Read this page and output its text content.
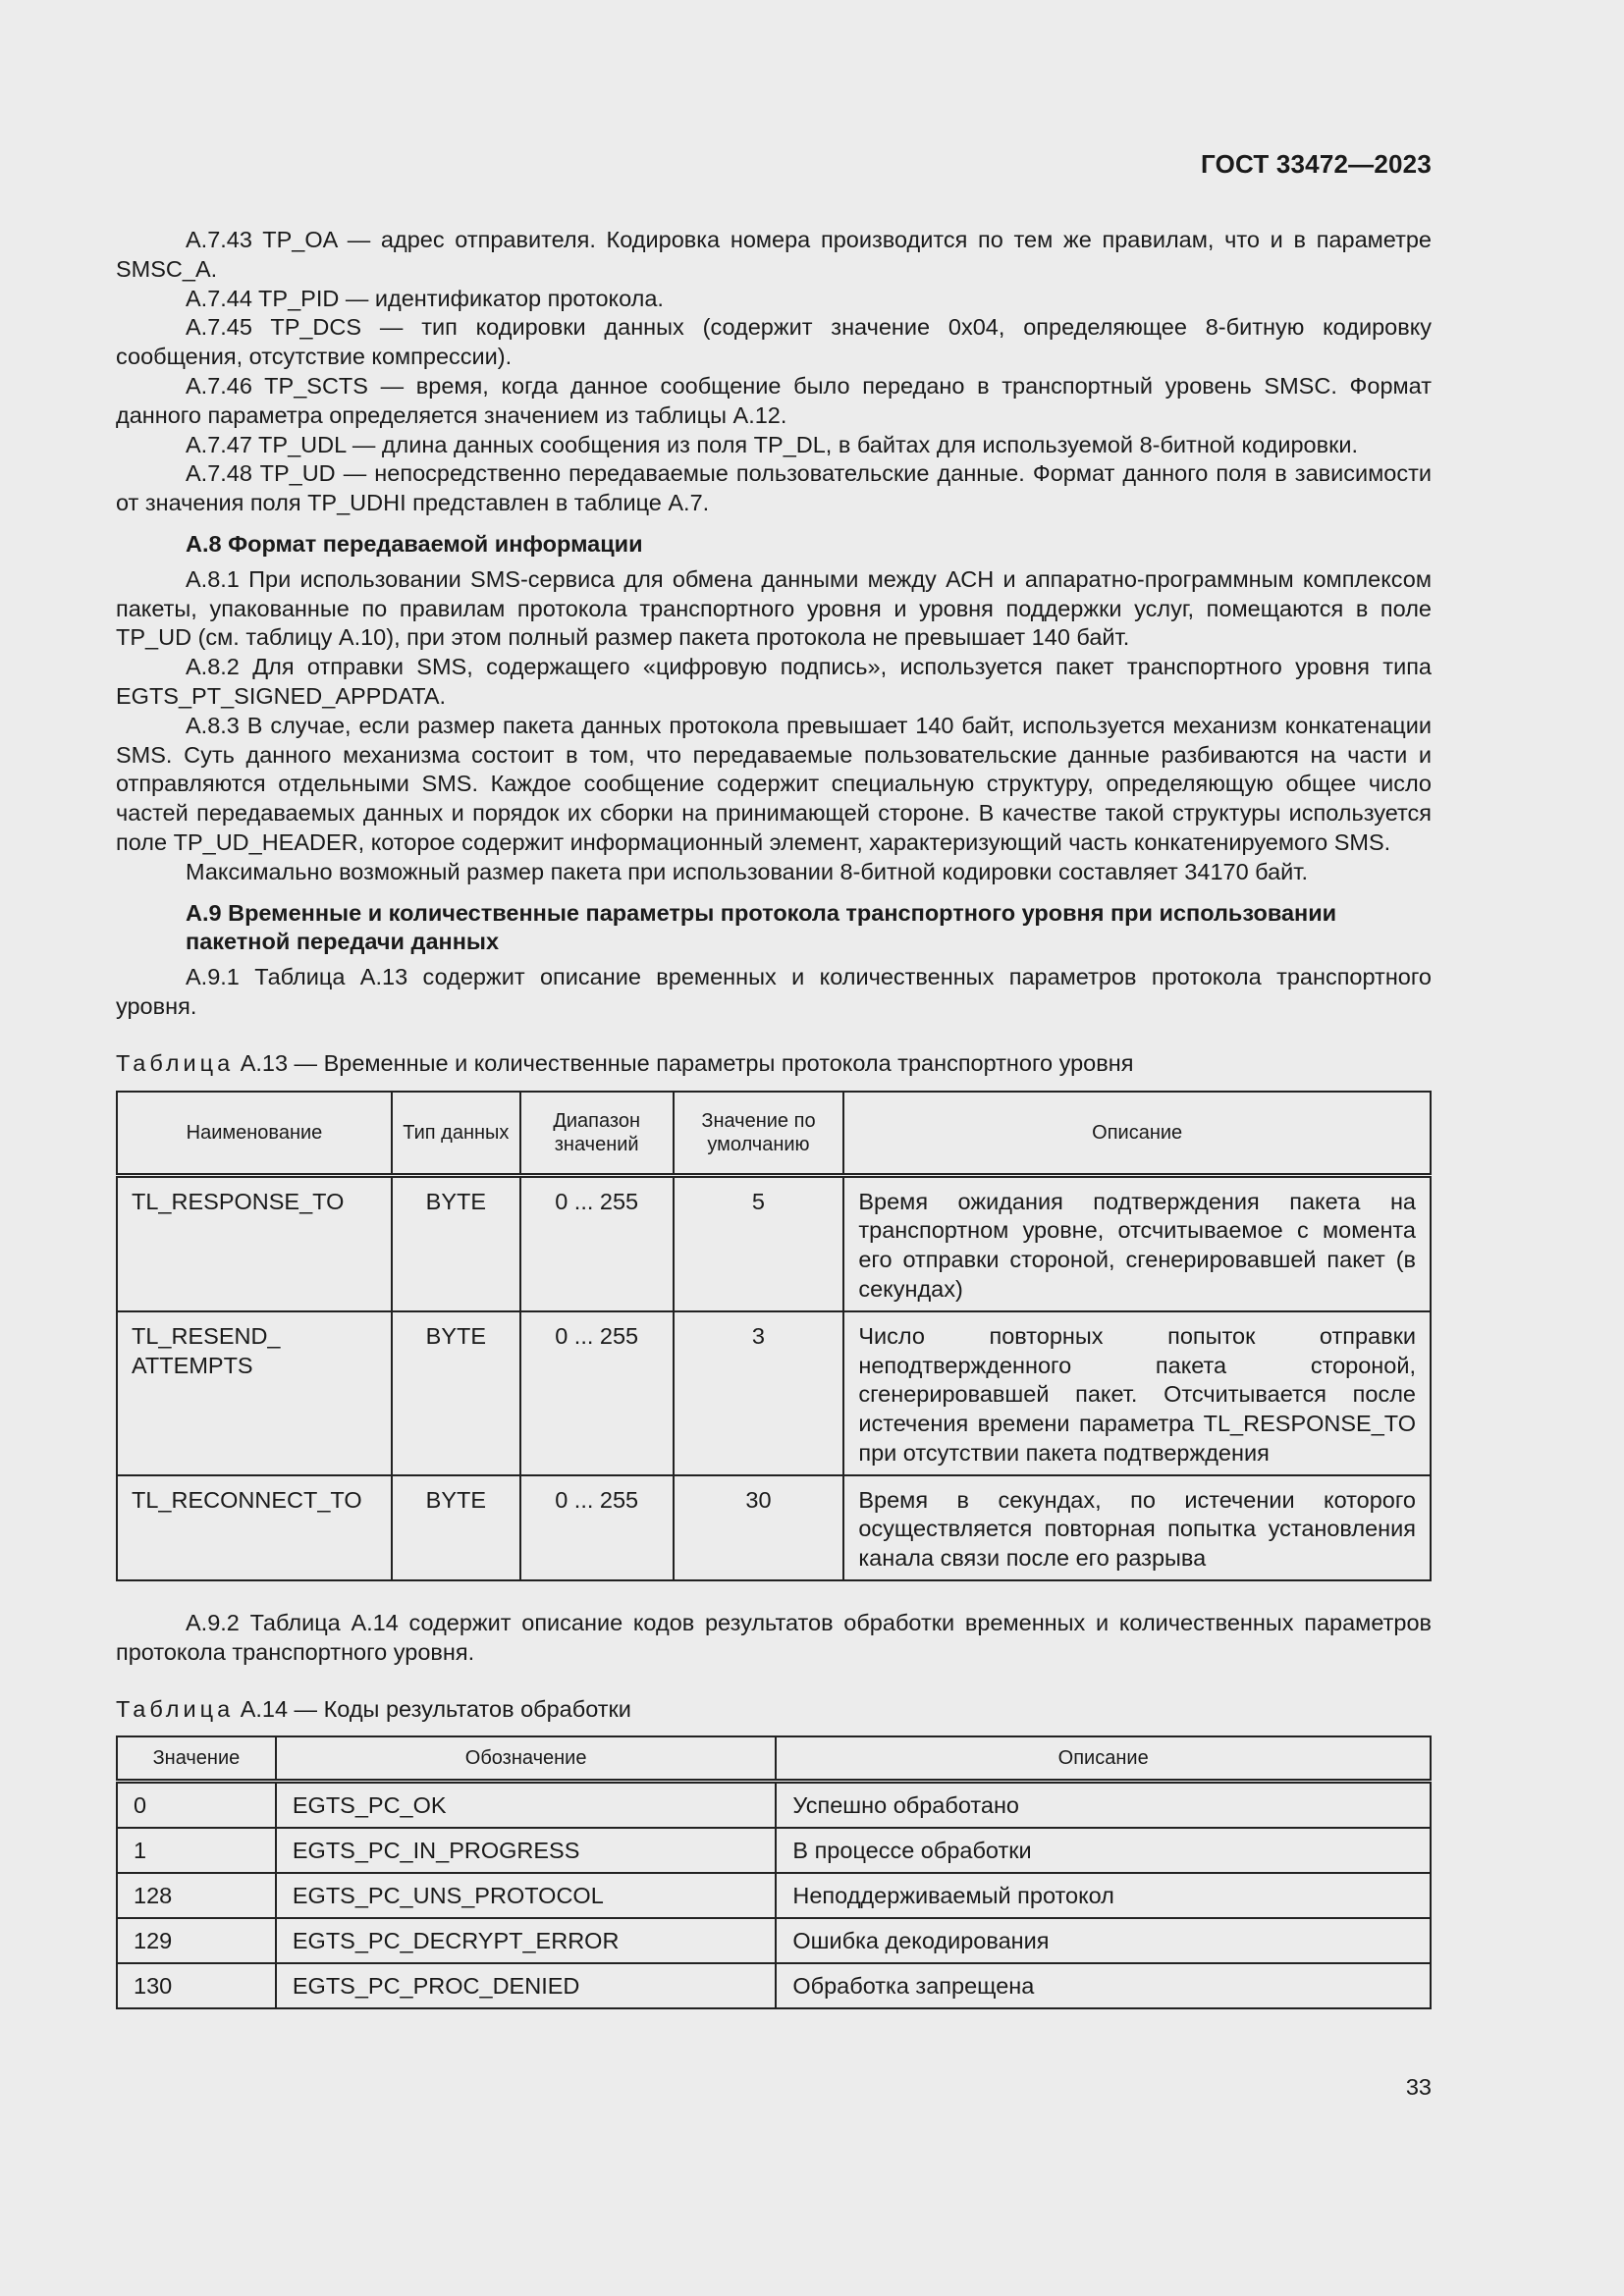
ГОСТ 33472—2023

A.7.43 TP_OA — адрес отправителя. Кодировка номера производится по тем же правилам, что и в параметре SMSC_A.

A.7.44 TP_PID — идентификатор протокола.

A.7.45 TP_DCS — тип кодировки данных (содержит значение 0x04, определяющее 8-битную кодировку сообщения, отсутствие компрессии).

A.7.46 TP_SCTS — время, когда данное сообщение было передано в транспортный уровень SMSC. Формат данного параметра определяется значением из таблицы A.12.

A.7.47 TP_UDL — длина данных сообщения из поля TP_DL, в байтах для используемой 8-битной кодировки.

A.7.48 TP_UD — непосредственно передаваемые пользовательские данные. Формат данного поля в зависимости от значения поля TP_UDHI представлен в таблице A.7.

A.8 Формат передаваемой информации

A.8.1 При использовании SMS-сервиса для обмена данными между АСН и аппаратно-программным комплексом пакеты, упакованные по правилам протокола транспортного уровня и уровня поддержки услуг, помещаются в поле TP_UD (см. таблицу A.10), при этом полный размер пакета протокола не превышает 140 байт.

A.8.2 Для отправки SMS, содержащего «цифровую подпись», используется пакет транспортного уровня типа EGTS_PT_SIGNED_APPDATA.

A.8.3 В случае, если размер пакета данных протокола превышает 140 байт, используется механизм конкатенации SMS. Суть данного механизма состоит в том, что передаваемые пользовательские данные разбиваются на части и отправляются отдельными SMS. Каждое сообщение содержит специальную структуру, определяющую общее число частей передаваемых данных и порядок их сборки на принимающей стороне. В качестве такой структуры используется поле TP_UD_HEADER, которое содержит информационный элемент, характеризующий часть конкатенируемого SMS.

Максимально возможный размер пакета при использовании 8-битной кодировки составляет 34170 байт.

A.9 Временные и количественные параметры протокола транспортного уровня при использовании пакетной передачи данных

A.9.1 Таблица A.13 содержит описание временных и количественных параметров протокола транспортного уровня.

Таблица A.13 — Временные и количественные параметры протокола транспортного уровня
Наименование	Тип данных	Диапазон значений	Значение по умолчанию	Описание
TL_RESPONSE_TO	BYTE	0 ... 255	5	Время ожидания подтверждения пакета на транспортном уровне, отсчитываемое с момента его отправки стороной, сгенерировавшей пакет (в секундах)
TL_RESEND_ ATTEMPTS	BYTE	0 ... 255	3	Число повторных попыток отправки неподтвержденного пакета стороной, сгенерировавшей пакет. Отсчитывается после истечения времени параметра TL_RESPONSE_TO при отсутствии пакета подтверждения
TL_RECONNECT_TO	BYTE	0 ... 255	30	Время в секундах, по истечении которого осуществляется повторная попытка установления канала связи после его разрыва

A.9.2 Таблица A.14 содержит описание кодов результатов обработки временных и количественных параметров протокола транспортного уровня.

Таблица A.14 — Коды результатов обработки
Значение	Обозначение	Описание
0	EGTS_PC_OK	Успешно обработано
1	EGTS_PC_IN_PROGRESS	В процессе обработки
128	EGTS_PC_UNS_PROTOCOL	Неподдерживаемый протокол
129	EGTS_PC_DECRYPT_ERROR	Ошибка декодирования
130	EGTS_PC_PROC_DENIED	Обработка запрещена
33
